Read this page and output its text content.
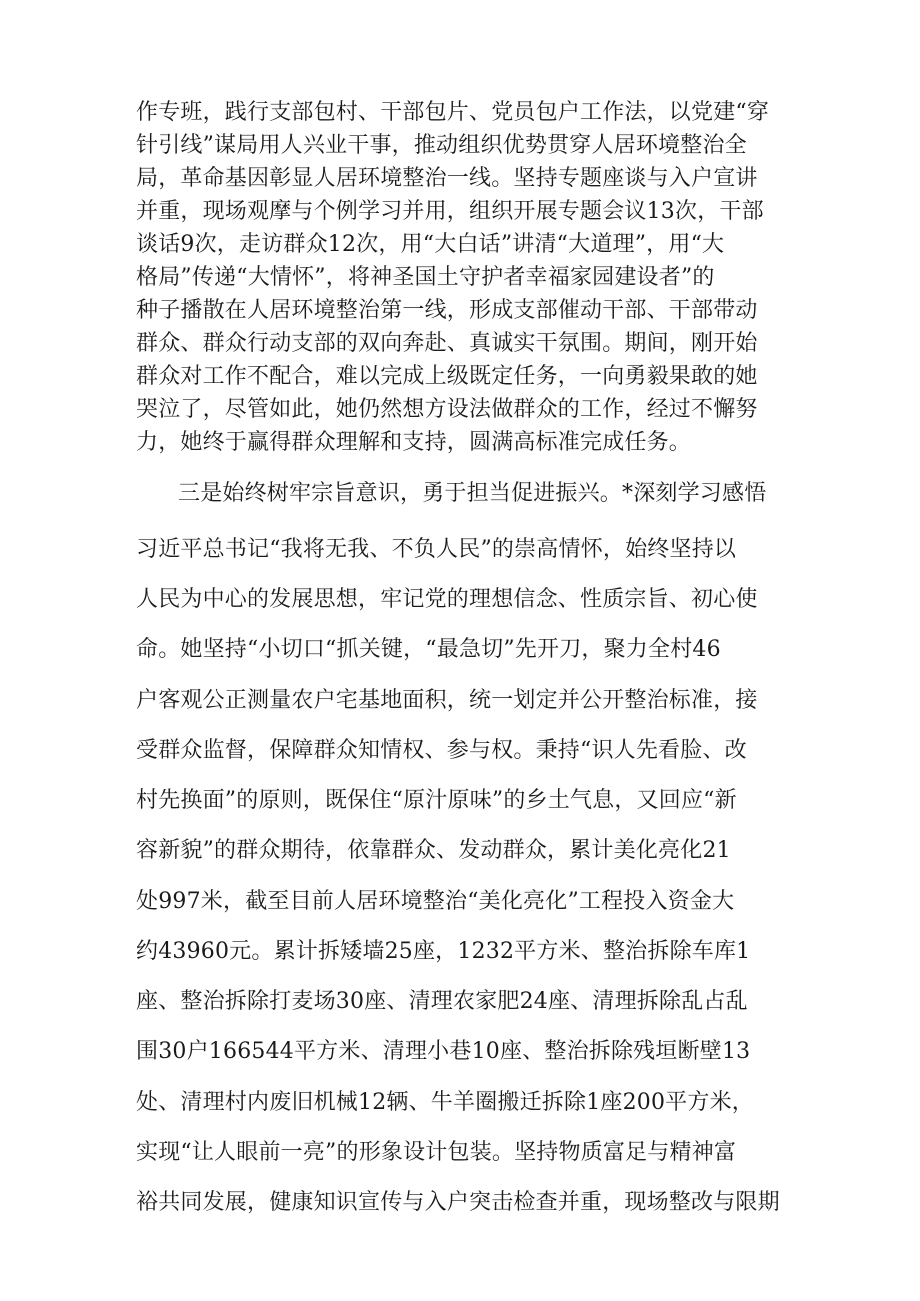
作专班，践行支部包村、干部包片、党员包户工作法，以党建“穿
针引线”谋局用人兴业干事，推动组织优势贯穿人居环境整治全
局，革命基因彰显人居环境整治一线。坚持专题座谈与入户宣讲
并重，现场观摩与个例学习并用，组织开展专题会议13次，干部
谈话9次，走访群众12次，用“大白话”讲清“大道理”，用“大
格局”传递“大情怀”，将神圣国土守护者幸福家园建设者”的
种子播散在人居环境整治第一线，形成支部催动干部、干部带动
群众、群众行动支部的双向奔赴、真诚实干氛围。期间，刚开始
群众对工作不配合，难以完成上级既定任务，一向勇毅果敢的她
哭泣了，尽管如此，她仍然想方设法做群众的工作，经过不懈努
力，她终于赢得群众理解和支持，圆满高标准完成任务。
三是始终树牢宗旨意识，勇于担当促进振兴。*深刻学习感悟
习近平总书记“我将无我、不负人民”的崇高情怀，始终坚持以
人民为中心的发展思想，牢记党的理想信念、性质宗旨、初心使
命。她坚持“小切口“抓关键，“最急切”先开刀，聚力全村46
户客观公正测量农户宅基地面积，统一划定并公开整治标准，接
受群众监督，保障群众知情权、参与权。秉持“识人先看脸、改
村先换面”的原则，既保住“原汁原味”的乡土气息，又回应“新
容新貌”的群众期待，依靠群众、发动群众，累计美化亮化21
处997米，截至目前人居环境整治“美化亮化”工程投入资金大
约43960元。累计拆矮墙25座，1232平方米、整治拆除车库1
座、整治拆除打麦场30座、清理农家肥24座、清理拆除乱占乱
围30户166544平方米、清理小巷10座、整治拆除残垣断壁13
处、清理村内废旧机械12辆、牛羊圈搬迁拆除1座200平方米，
实现“让人眼前一亮”的形象设计包装。坚持物质富足与精神富
裕共同发展，健康知识宣传与入户突击检查并重，现场整改与限期
